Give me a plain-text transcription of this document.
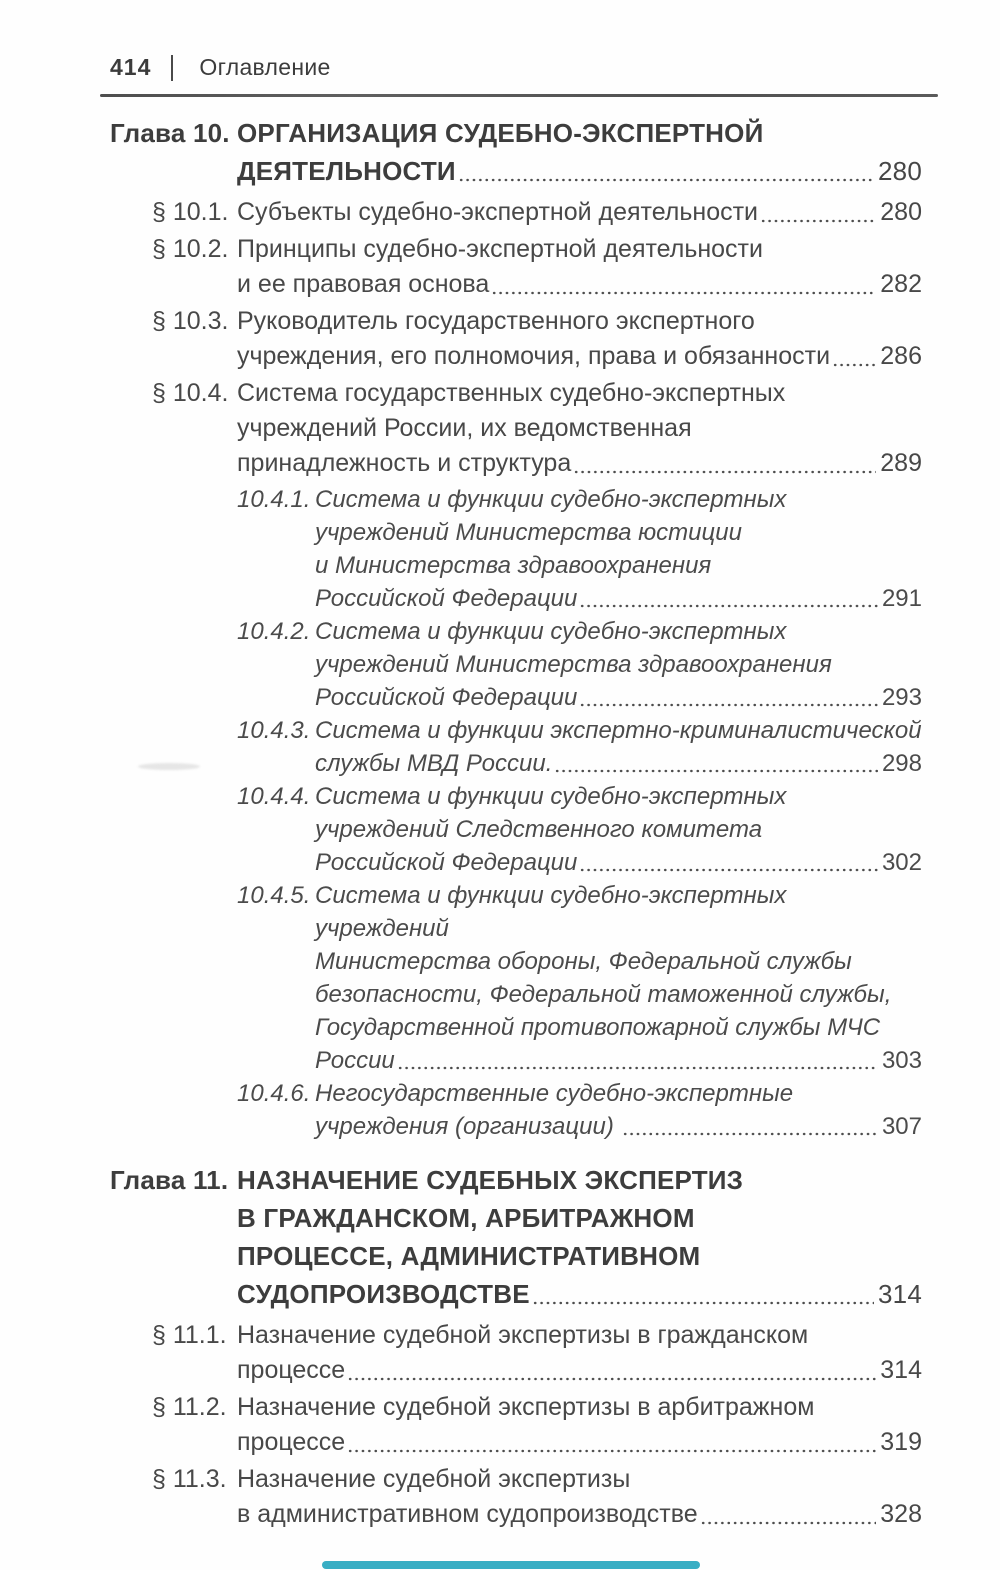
414 Оглавление
Глава 10. ОРГАНИЗАЦИЯ СУДЕБНО-ЭКСПЕРТНОЙ
ДЕЯТЕЛЬНОСТИ	280
§ 10.1. Субъекты судебно-экспертной деятельности	280
§ 10.2. Принципы судебно-экспертной деятельности
и ее правовая основа	282
§ 10.3. Руководитель государственного экспертного
учреждения, его полномочия, права и обязанности 286
§ 10.4. Система государственных судебно-экспертных
учреждений России, их ведомственная
принадлежность и структура	289
10.4.1. Система и функции судебно-экспертных
учреждений Министерства юстиции
и Министерства здравоохранения
Российской Федерации	291
10.4.2. Система и функции судебно-экспертных
учреждений Министерства здравоохранения
Российской Федерации	293
10.4.3. Система и функции экспертно-криминалистической
службы МВД России.	298
10.4.4. Система и функции судебно-экспертных
учреждений Следственного комитета
Российской Федерации	302
10.4.5. Система и функции судебно-экспертных учреждений
Министерства обороны, Федеральной службы
безопасности, Федеральной таможенной службы,
Государственной противопожарной службы МЧС
России	303
10.4.6. Негосударственные судебно-экспертные
учреждения (организации)	307
Глава 11. НАЗНАЧЕНИЕ СУДЕБНЫХ ЭКСПЕРТИЗ
В ГРАЖДАНСКОМ, АРБИТРАЖНОМ
ПРОЦЕССЕ, АДМИНИСТРАТИВНОМ
СУДОПРОИЗВОДСТВЕ	314
§ 11.1. Назначение судебной экспертизы в гражданском
процессе	314
§ 11.2. Назначение судебной экспертизы в арбитражном
процессе	319
§ 11.3. Назначение судебной экспертизы
в административном судопроизводстве	328
